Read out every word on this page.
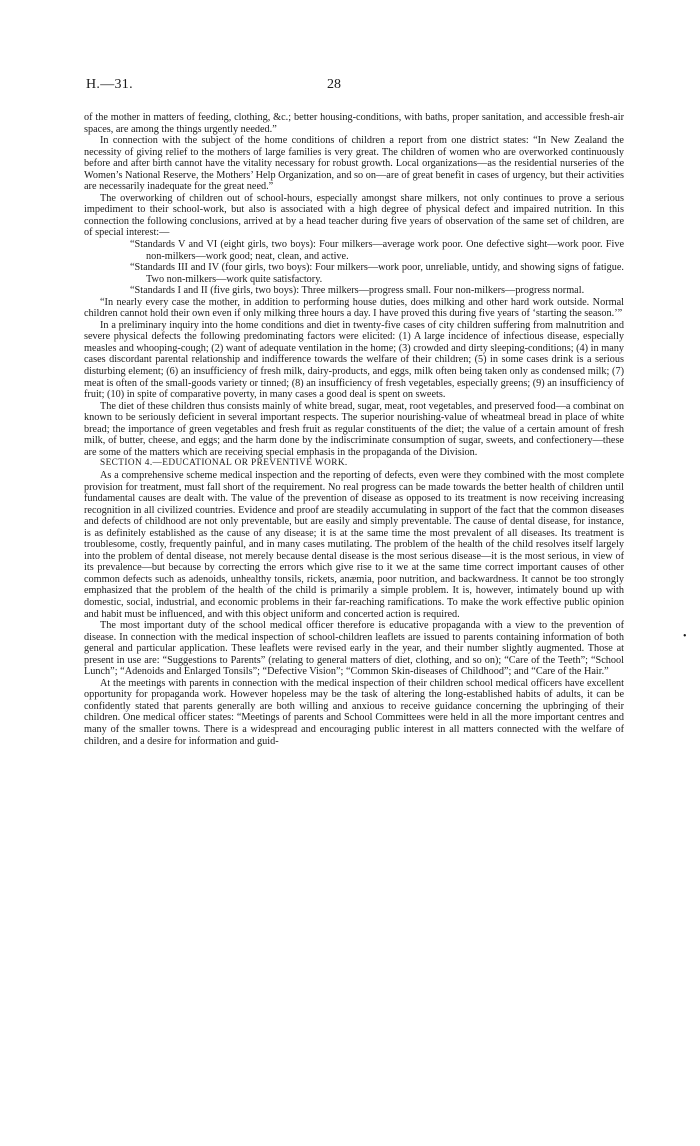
H.—31.	28
•

of the mother in matters of feeding, clothing, &c.; better housing-conditions, with baths, proper sanitation, and accessible fresh-air spaces, are among the things urgently needed.”

In connection with the subject of the home conditions of children a report from one district states: “In New Zealand the necessity of giving relief to the mothers of large families is very great. The children of women who are overworked continuously before and after birth cannot have the vitality necessary for robust growth. Local organizations—as the residential nurseries of the Women’s National Reserve, the Mothers’ Help Organization, and so on—are of great benefit in cases of urgency, but their activities are necessarily inadequate for the great need.”

The overworking of children out of school-hours, especially amongst share milkers, not only continues to prove a serious impediment to their school-work, but also is associated with a high degree of physical defect and impaired nutrition. In this connection the following conclusions, arrived at by a head teacher during five years of observation of the same set of children, are of special interest:—

“Standards V and VI (eight girls, two boys): Four milkers—average work poor. One defective sight—work poor. Five non-milkers—work good; neat, clean, and active.

“Standards III and IV (four girls, two boys): Four milkers—work poor, unreliable, untidy, and showing signs of fatigue. Two non-milkers—work quite satisfactory.

“Standards I and II (five girls, two boys): Three milkers—progress small. Four non-milkers—progress normal.

“In nearly every case the mother, in addition to performing house duties, does milking and other hard work outside. Normal children cannot hold their own even if only milking three hours a day. I have proved this during five years of ‘starting the season.’”

In a preliminary inquiry into the home conditions and diet in twenty-five cases of city children suffering from malnutrition and severe physical defects the following predominating factors were elicited: (1) A large incidence of infectious disease, especially measles and whooping-cough; (2) want of adequate ventilation in the home; (3) crowded and dirty sleeping-conditions; (4) in many cases discordant parental relationship and indifference towards the welfare of their children; (5) in some cases drink is a serious disturbing element; (6) an insufficiency of fresh milk, dairy-products, and eggs, milk often being taken only as condensed milk; (7) meat is often of the small-goods variety or tinned; (8) an insufficiency of fresh vegetables, especially greens; (9) an insufficiency of fruit; (10) in spite of comparative poverty, in many cases a good deal is spent on sweets.

The diet of these children thus consists mainly of white bread, sugar, meat, root vegetables, and preserved food—a combinat on known to be seriously deficient in several important respects. The superior nourishing-value of wheatmeal bread in place of white bread; the importance of green vegetables and fresh fruit as regular constituents of the diet; the value of a certain amount of fresh milk, of butter, cheese, and eggs; and the harm done by the indiscriminate consumption of sugar, sweets, and confectionery—these are some of the matters which are receiving special emphasis in the propaganda of the Division.

SECTION 4.—EDUCATIONAL OR PREVENTIVE WORK.

As a comprehensive scheme medical inspection and the reporting of defects, even were they combined with the most complete provision for treatment, must fall short of the requirement. No real progress can be made towards the better health of children until fundamental causes are dealt with. The value of the prevention of disease as opposed to its treatment is now receiving increasing recognition in all civilized countries. Evidence and proof are steadily accumulating in support of the fact that the common diseases and defects of childhood are not only preventable, but are easily and simply preventable. The cause of dental disease, for instance, is as definitely established as the cause of any disease; it is at the same time the most prevalent of all diseases. Its treatment is troublesome, costly, frequently painful, and in many cases mutilating. The problem of the health of the child resolves itself largely into the problem of dental disease, not merely because dental disease is the most serious disease—it is the most serious, in view of its prevalence—but because by correcting the errors which give rise to it we at the same time correct important causes of other common defects such as adenoids, unhealthy tonsils, rickets, anæmia, poor nutrition, and backwardness. It cannot be too strongly emphasized that the problem of the health of the child is primarily a simple problem. It is, however, intimately bound up with domestic, social, industrial, and economic problems in their far-reaching ramifications. To make the work effective public opinion and habit must be influenced, and with this object uniform and concerted action is required.

The most important duty of the school medical officer therefore is educative propaganda with a view to the prevention of disease. In connection with the medical inspection of school-children leaflets are issued to parents containing information of both general and particular application. These leaflets were revised early in the year, and their number slightly augmented. Those at present in use are: “Suggestions to Parents” (relating to general matters of diet, clothing, and so on); “Care of the Teeth”; “School Lunch”; “Adenoids and Enlarged Tonsils”; “Defective Vision”; “Common Skin-diseases of Childhood”; and “Care of the Hair.”

At the meetings with parents in connection with the medical inspection of their children school medical officers have excellent opportunity for propaganda work. However hopeless may be the task of altering the long-established habits of adults, it can be confidently stated that parents generally are both willing and anxious to receive guidance concerning the upbringing of their children. One medical officer states: “Meetings of parents and School Committees were held in all the more important centres and many of the smaller towns. There is a widespread and encouraging public interest in all matters connected with the welfare of children, and a desire for information and guid-
